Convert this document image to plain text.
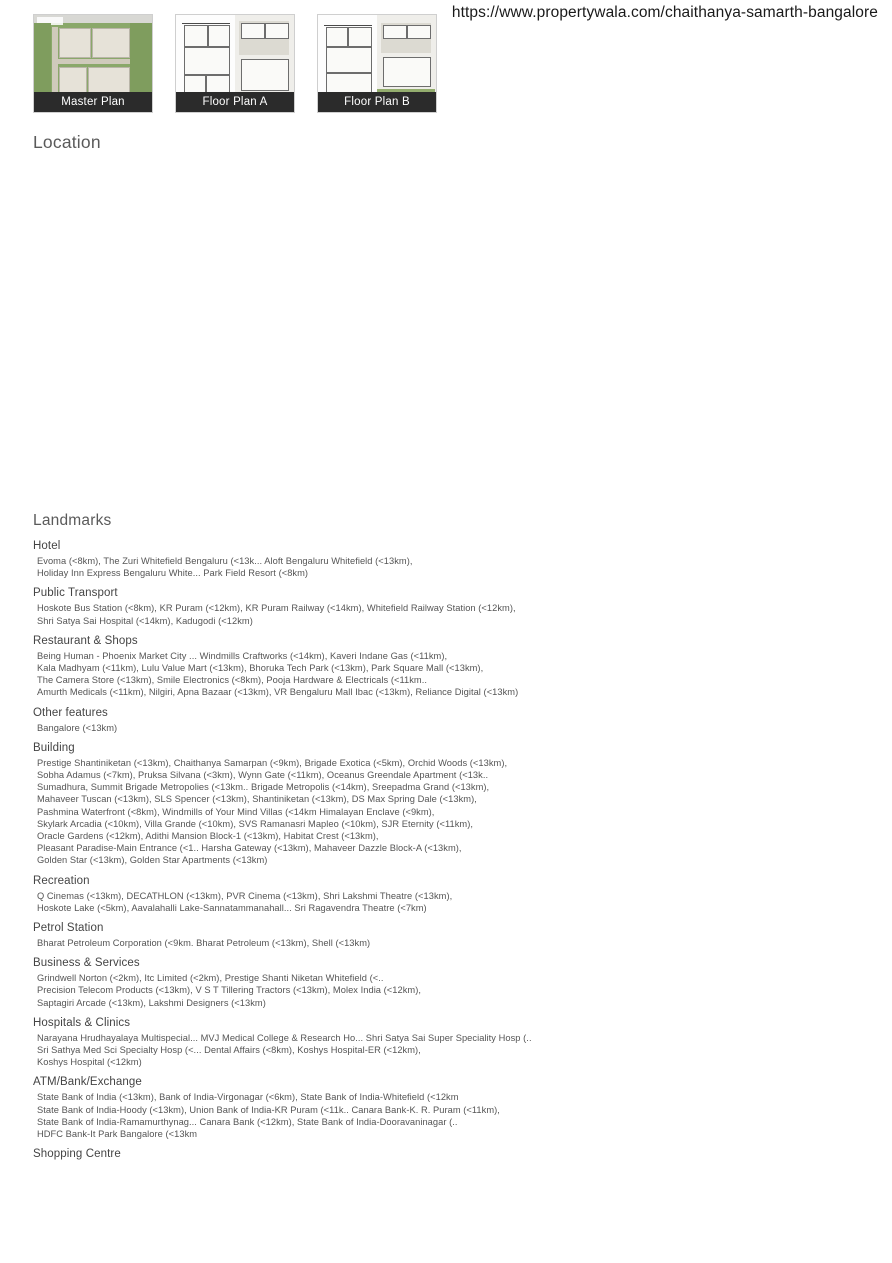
https://www.propertywala.com/chaithanya-samarth-bangalore
Master Plan	Floor Plan A	Floor Plan B
Location
Landmarks
Hotel
Evoma (<8km), The Zuri Whitefield Bengaluru (<13k... Aloft Bengaluru Whitefield (<13km),
Holiday Inn Express Bengaluru White... Park Field Resort (<8km)
Public Transport
Hoskote Bus Station (<8km), KR Puram (<12km), KR Puram Railway (<14km), Whitefield Railway Station (<12km),
Shri Satya Sai Hospital (<14km), Kadugodi (<12km)
Restaurant & Shops
Being Human - Phoenix Market City ... Windmills Craftworks (<14km), Kaveri Indane Gas (<11km),
Kala Madhyam (<11km), Lulu Value Mart (<13km), Bhoruka Tech Park (<13km), Park Square Mall (<13km),
The Camera Store (<13km), Smile Electronics (<8km), Pooja Hardware & Electricals (<11km..
Amurth Medicals (<11km), Nilgiri, Apna Bazaar (<13km), VR Bengaluru Mall Ibac (<13km), Reliance Digital (<13km)
Other features
Bangalore (<13km)
Building
Prestige Shantiniketan (<13km), Chaithanya Samarpan (<9km), Brigade Exotica (<5km), Orchid Woods (<13km),
Sobha Adamus (<7km), Pruksa Silvana (<3km), Wynn Gate (<11km), Oceanus Greendale Apartment (<13k..
Sumadhura, Summit Brigade Metropolies (<13km.. Brigade Metropolis (<14km), Sreepadma Grand (<13km),
Mahaveer Tuscan (<13km), SLS Spencer (<13km), Shantiniketan (<13km), DS Max Spring Dale (<13km),
Pashmina Waterfront (<8km), Windmills of Your Mind Villas (<14km Himalayan Enclave (<9km),
Skylark Arcadia (<10km), Villa Grande (<10km), SVS Ramanasri Mapleo (<10km), SJR Eternity (<11km),
Oracle Gardens (<12km), Adithi Mansion Block-1 (<13km), Habitat Crest (<13km),
Pleasant Paradise-Main Entrance (<1.. Harsha Gateway (<13km), Mahaveer Dazzle Block-A (<13km),
Golden Star (<13km), Golden Star Apartments (<13km)
Recreation
Q Cinemas (<13km), DECATHLON (<13km), PVR Cinema (<13km), Shri Lakshmi Theatre (<13km),
Hoskote Lake (<5km), Aavalahalli Lake-Sannatammanahall... Sri Ragavendra Theatre (<7km)
Petrol Station
Bharat Petroleum Corporation (<9km. Bharat Petroleum (<13km), Shell (<13km)
Business & Services
Grindwell Norton (<2km), Itc Limited (<2km), Prestige Shanti Niketan Whitefield (<..
Precision Telecom Products (<13km), V S T Tillering Tractors (<13km), Molex India (<12km),
Saptagiri Arcade (<13km), Lakshmi Designers (<13km)
Hospitals & Clinics
Narayana Hrudhayalaya Multispecial... MVJ Medical College & Research Ho... Shri Satya Sai Super Speciality Hosp (..
Sri Sathya Med Sci Specialty Hosp (<... Dental Affairs (<8km), Koshys Hospital-ER (<12km),
Koshys Hospital (<12km)
ATM/Bank/Exchange
State Bank of India (<13km), Bank of India-Virgonagar (<6km), State Bank of India-Whitefield (<12km
State Bank of India-Hoody (<13km), Union Bank of India-KR Puram (<11k.. Canara Bank-K. R. Puram (<11km),
State Bank of India-Ramamurthynag... Canara Bank (<12km), State Bank of India-Dooravaninagar (..
HDFC Bank-It Park Bangalore (<13km
Shopping Centre
